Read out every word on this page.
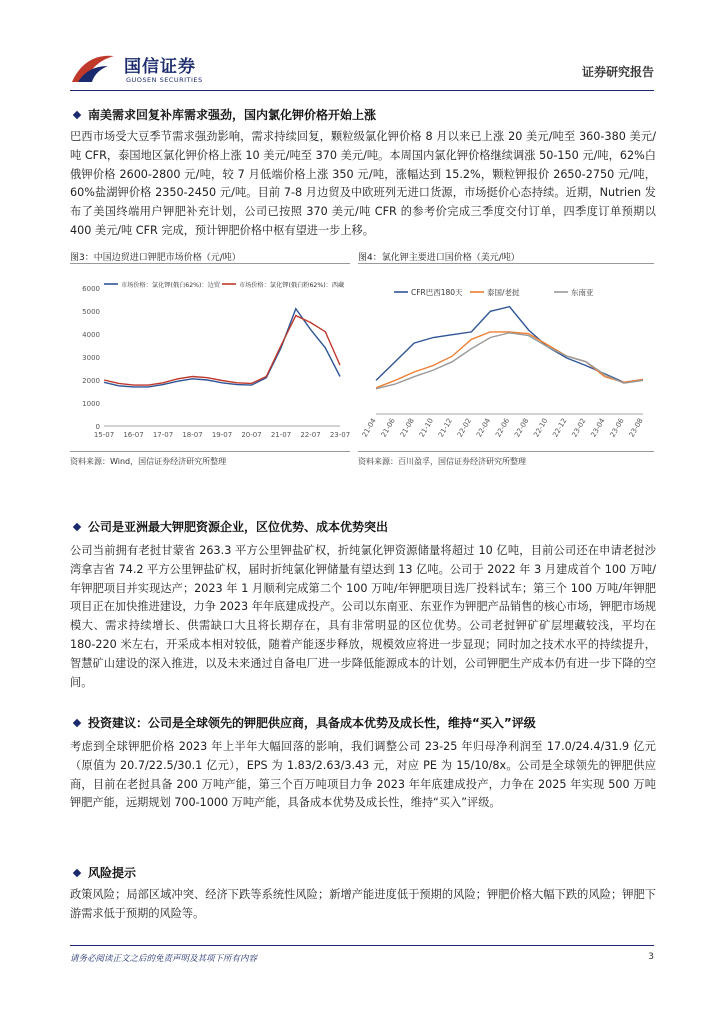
国信证券
GUOSEN SECURITIES
证券研究报告
南美需求回复补库需求强劲，国内氯化钾价格开始上涨
巴西市场受大豆季节需求强劲影响，需求持续回复，颗粒级氯化钾价格 8 月以来已上涨 20 美元/吨至 360-380 美元/吨 CFR，泰国地区氯化钾价格上涨 10 美元/吨至 370 美元/吨。本周国内氯化钾价格继续调涨 50-150 元/吨，62%白俄钾价格 2600-2800 元/吨，较 7 月低端价格上涨 350 元/吨，涨幅达到 15.2%，颗粒钾报价 2650-2750 元/吨，60%盐湖钾价格 2350-2450 元/吨。目前 7-8 月边贸及中欧班列无进口货源，市场挺价心态持续。近期，Nutrien 发布了美国终端用户钾肥补充计划，公司已按照 370 美元/吨 CFR 的参考价完成三季度交付订单，四季度订单预期以 400 美元/吨 CFR 完成，预计钾肥价格中枢有望进一步上移。
图3：中国边贸进口钾肥市场价格（元/吨）	图4：氯化钾主要进口国价格（美元/吨）
0
1000
2000
3000
4000
5000
6000
15-07 16-07 17-07 18-07 19-07 20-07 21-07 22-07 23-07
市场价格：氯化钾(俄白62%)：边贸	市场价格：氯化钾(俄白粉62%)：西藏
21-04 21-06 21-08 21-10 21-12 22-02 22-04 22-06 22-08 22-10 22-12 23-02 23-04 23-06 23-08
CFR巴西180天	泰国/老挝	东南亚
资料来源：Wind，国信证券经济研究所整理	资料来源：百川盈孚，国信证券经济研究所整理
公司是亚洲最大钾肥资源企业，区位优势、成本优势突出
公司当前拥有老挝甘蒙省 263.3 平方公里钾盐矿权，折纯氯化钾资源储量将超过 10 亿吨，目前公司还在申请老挝沙湾拿吉省 74.2 平方公里钾盐矿权，届时折纯氯化钾储量有望达到 13 亿吨。公司于 2022 年 3 月建成首个 100 万吨/年钾肥项目并实现达产；2023 年 1 月顺利完成第二个 100 万吨/年钾肥项目选厂投料试车；第三个 100 万吨/年钾肥项目正在加快推进建设，力争 2023 年年底建成投产。公司以东南亚、东亚作为钾肥产品销售的核心市场，钾肥市场规模大、需求持续增长、供需缺口大且将长期存在，具有非常明显的区位优势。公司老挝钾矿矿层埋藏较浅，平均在 180-220 米左右，开采成本相对较低，随着产能逐步释放，规模效应将进一步显现；同时加之技术水平的持续提升，智慧矿山建设的深入推进，以及未来通过自备电厂进一步降低能源成本的计划，公司钾肥生产成本仍有进一步下降的空间。
投资建议：公司是全球领先的钾肥供应商，具备成本优势及成长性，维持“买入”评级
考虑到全球钾肥价格 2023 年上半年大幅回落的影响，我们调整公司 23-25 年归母净利润至 17.0/24.4/31.9 亿元（原值为 20.7/22.5/30.1 亿元），EPS 为 1.83/2.63/3.43 元，对应 PE 为 15/10/8x。公司是全球领先的钾肥供应商，目前在老挝具备 200 万吨产能，第三个百万吨项目力争 2023 年年底建成投产，力争在 2025 年实现 500 万吨钾肥产能，远期规划 700-1000 万吨产能，具备成本优势及成长性，维持“买入”评级。
风险提示
政策风险；局部区域冲突、经济下跌等系统性风险；新增产能进度低于预期的风险；钾肥价格大幅下跌的风险；钾肥下游需求低于预期的风险等。
请务必阅读正文之后的免责声明及其项下所有内容	3
